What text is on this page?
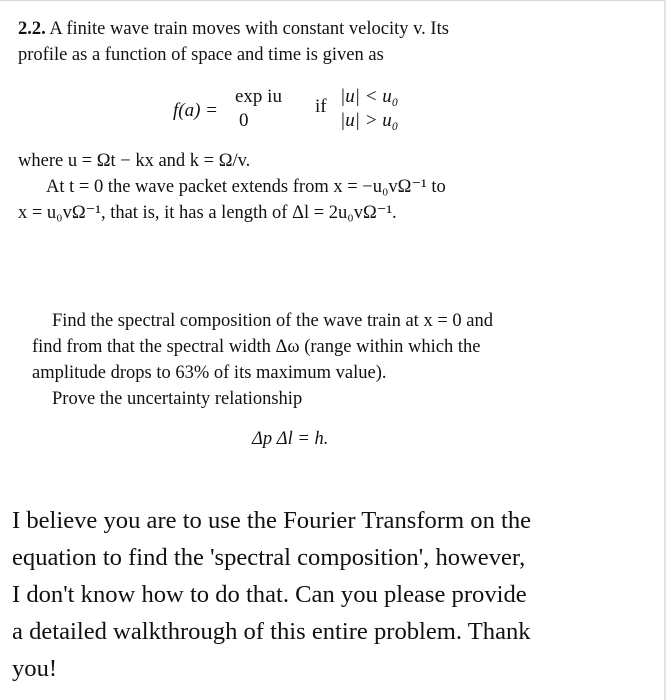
2.2. A finite wave train moves with constant velocity v. Its
profile as a function of space and time is given as
f(a) =
exp iu
0
if |u| < u₀
|u| > u₀
where u = Ωt − kx and k = Ω/v.
At t = 0 the wave packet extends from x = −u₀vΩ⁻¹ to
x = u₀vΩ⁻¹, that is, it has a length of Δl = 2u₀vΩ⁻¹.
Find the spectral composition of the wave train at x = 0 and
find from that the spectral width Δω (range within which the
amplitude drops to 63% of its maximum value).
Prove the uncertainty relationship
Δp Δl = h.
I believe you are to use the Fourier Transform on the
equation to find the 'spectral composition', however,
I don't know how to do that. Can you please provide
a detailed walkthrough of this entire problem. Thank
you!
